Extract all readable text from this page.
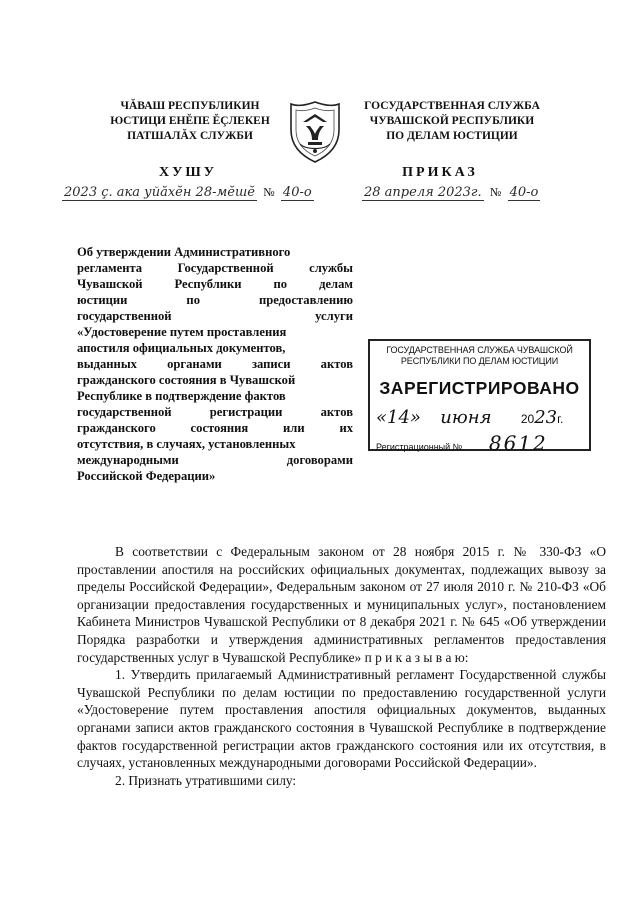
ЧĂВАШ РЕСПУБЛИКИН
ЮСТИЦИ ЕНĔПЕ ĔÇЛЕКЕН
ПАТШАЛĂХ СЛУЖБИ
ГОСУДАРСТВЕННАЯ СЛУЖБА
ЧУВАШСКОЙ РЕСПУБЛИКИ
ПО ДЕЛАМ ЮСТИЦИИ
ХУШУ	ПРИКАЗ
2023 ç. ака уйăхĕн 28-мĕшĕ № 40-о	28 апреля 2023г. № 40-о
Об утверждении Административного
регламента Государственной службы
Чувашской Республики по делам
юстиции по предоставлению
государственной услуги
«Удостоверение путем проставления
апостиля официальных документов,
выданных органами записи актов
гражданского состояния в Чувашской
Республике в подтверждение фактов
государственной регистрации актов
гражданского состояния или их
отсутствия, в случаях, установленных
международными договорами
Российской Федерации»
ГОСУДАРСТВЕННАЯ СЛУЖБА ЧУВАШСКОЙ
РЕСПУБЛИКИ ПО ДЕЛАМ ЮСТИЦИИ
ЗАРЕГИСТРИРОВАНО
«14» июня 2023г.
Регистрационный № 8612

В соответствии с Федеральным законом от 28 ноября 2015 г. № 330-ФЗ «О проставлении апостиля на российских официальных документах, подлежащих вывозу за пределы Российской Федерации», Федеральным законом от 27 июля 2010 г. № 210-ФЗ «Об организации предоставления государственных и муниципальных услуг», постановлением Кабинета Министров Чувашской Республики от 8 декабря 2021 г. № 645 «Об утверждении Порядка разработки и утверждения административных регламентов предоставления государственных услуг в Чувашской Республике» п р и к а з ы в а ю:

1. Утвердить прилагаемый Административный регламент Государственной службы Чувашской Республики по делам юстиции по предоставлению государственной услуги «Удостоверение путем проставления апостиля официальных документов, выданных органами записи актов гражданского состояния в Чувашской Республике в подтверждение фактов государственной регистрации актов гражданского состояния или их отсутствия, в случаях, установленных международными договорами Российской Федерации».

2. Признать утратившими силу:
